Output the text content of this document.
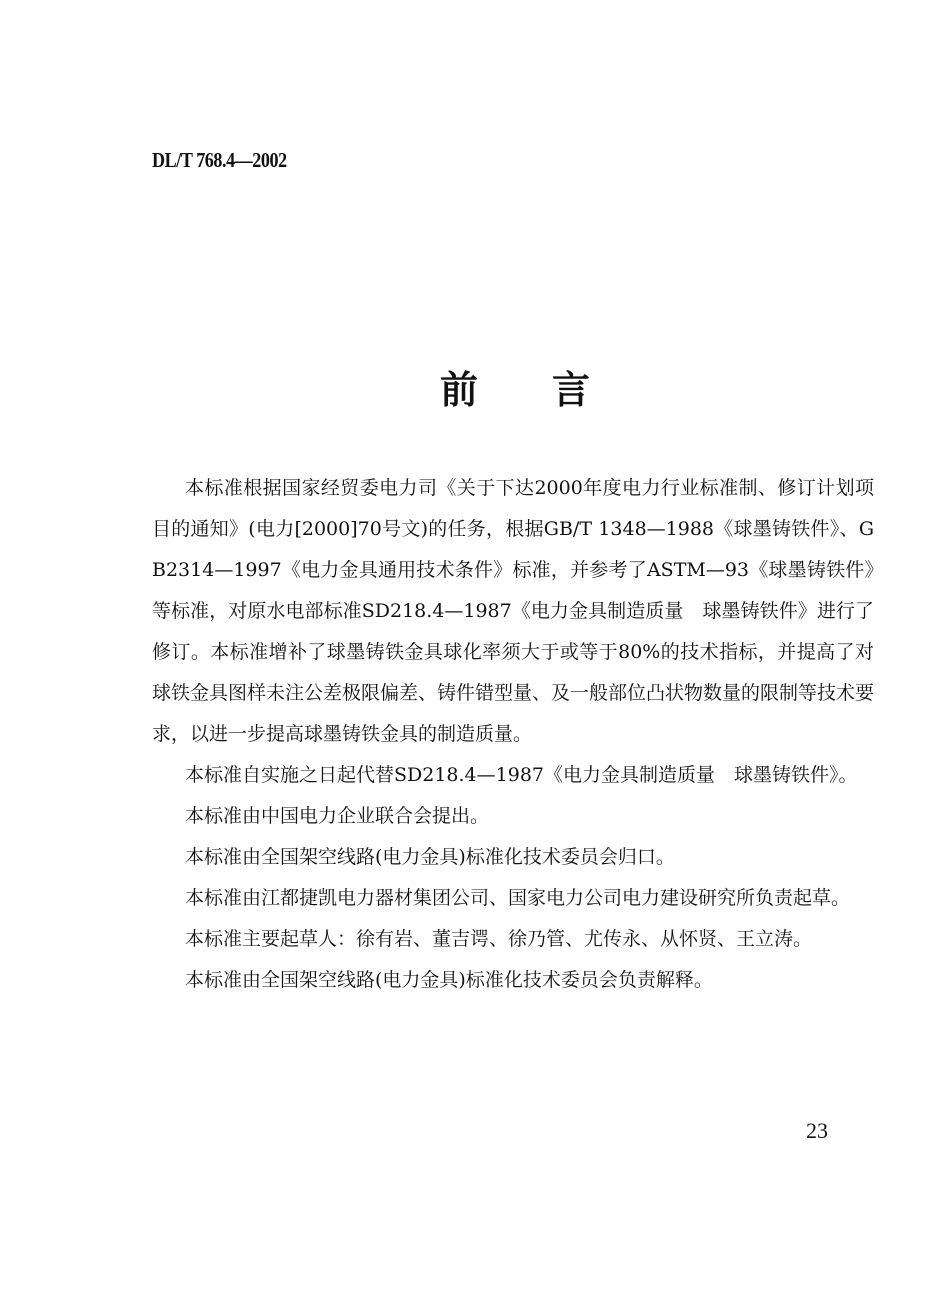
DL/T 768.4—2002
前 言

本标准根据国家经贸委电力司《关于下达2000年度电力行业标准制、修订计划项目的通知》(电力[2000]70号文)的任务，根据GB/T 1348—1988《球墨铸铁件》、GB2314—1997《电力金具通用技术条件》标准，并参考了ASTM—93《球墨铸铁件》等标准，对原水电部标准SD218.4—1987《电力金具制造质量　球墨铸铁件》进行了修订。本标准增补了球墨铸铁金具球化率须大于或等于80%的技术指标，并提高了对球铁金具图样未注公差极限偏差、铸件错型量、及一般部位凸状物数量的限制等技术要求，以进一步提高球墨铸铁金具的制造质量。

本标准自实施之日起代替SD218.4—1987《电力金具制造质量　球墨铸铁件》。

本标准由中国电力企业联合会提出。

本标准由全国架空线路(电力金具)标准化技术委员会归口。

本标准由江都捷凯电力器材集团公司、国家电力公司电力建设研究所负责起草。

本标准主要起草人：徐有岩、董吉谔、徐乃管、尤传永、从怀贤、王立涛。

本标准由全国架空线路(电力金具)标准化技术委员会负责解释。

23
